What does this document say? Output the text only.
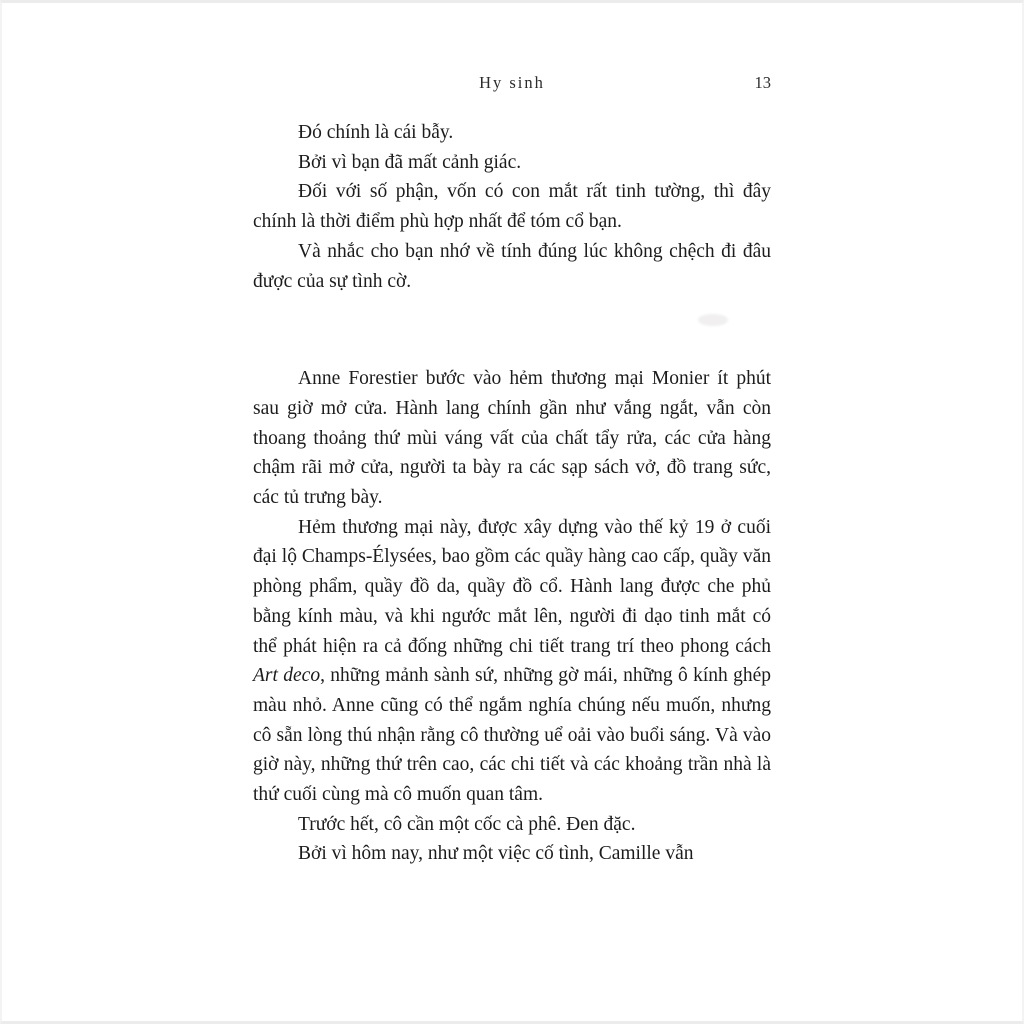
Hy sinh	13

Đó chính là cái bẫy.

Bởi vì bạn đã mất cảnh giác.

Đối với số phận, vốn có con mắt rất tinh tường, thì đây chính là thời điểm phù hợp nhất để tóm cổ bạn.

Và nhắc cho bạn nhớ về tính đúng lúc không chệch đi đâu được của sự tình cờ.

Anne Forestier bước vào hẻm thương mại Monier ít phút sau giờ mở cửa. Hành lang chính gần như vắng ngắt, vẫn còn thoang thoảng thứ mùi váng vất của chất tẩy rửa, các cửa hàng chậm rãi mở cửa, người ta bày ra các sạp sách vở, đồ trang sức, các tủ trưng bày.

Hẻm thương mại này, được xây dựng vào thế kỷ 19 ở cuối đại lộ Champs-Élysées, bao gồm các quầy hàng cao cấp, quầy văn phòng phẩm, quầy đồ da, quầy đồ cổ. Hành lang được che phủ bằng kính màu, và khi ngước mắt lên, người đi dạo tinh mắt có thể phát hiện ra cả đống những chi tiết trang trí theo phong cách Art deco, những mảnh sành sứ, những gờ mái, những ô kính ghép màu nhỏ. Anne cũng có thể ngắm nghía chúng nếu muốn, nhưng cô sẵn lòng thú nhận rằng cô thường uể oải vào buổi sáng. Và vào giờ này, những thứ trên cao, các chi tiết và các khoảng trần nhà là thứ cuối cùng mà cô muốn quan tâm.

Trước hết, cô cần một cốc cà phê. Đen đặc.

Bởi vì hôm nay, như một việc cố tình, Camille vẫn
